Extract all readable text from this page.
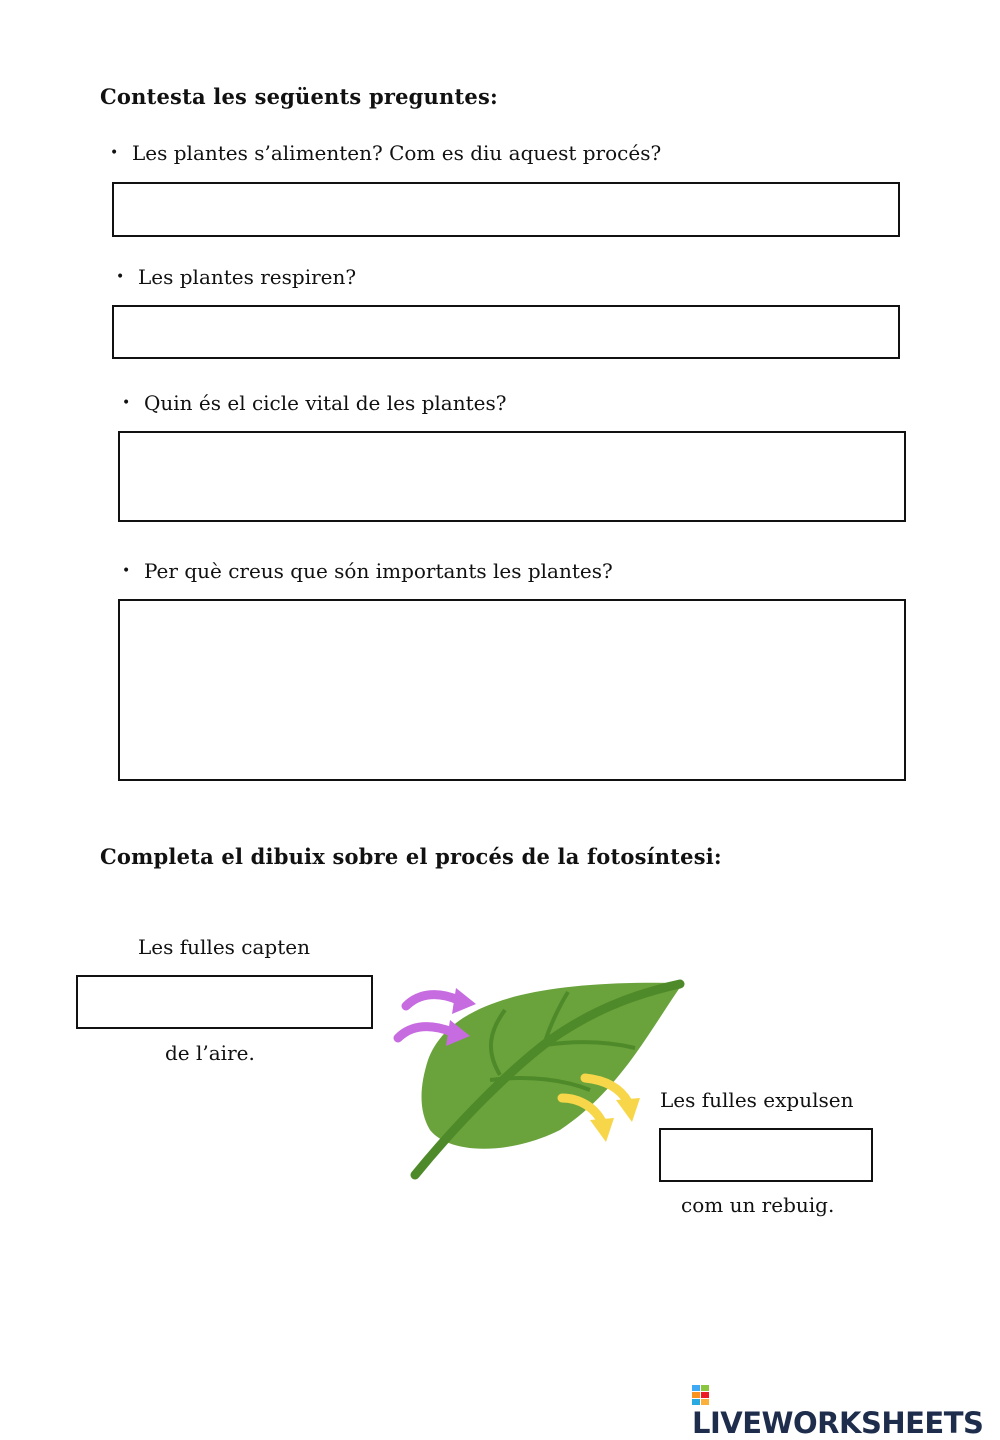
Contesta les següents preguntes:
• Les plantes s’alimenten? Com es diu aquest procés?
• Les plantes respiren?
• Quin és el cicle vital de les plantes?
• Per què creus que són importants les plantes?
Completa el dibuix sobre el procés de la fotosíntesi:
Les fulles capten
de l’aire.
Les fulles expulsen
com un rebuig.
LIVEWORKSHEETS
